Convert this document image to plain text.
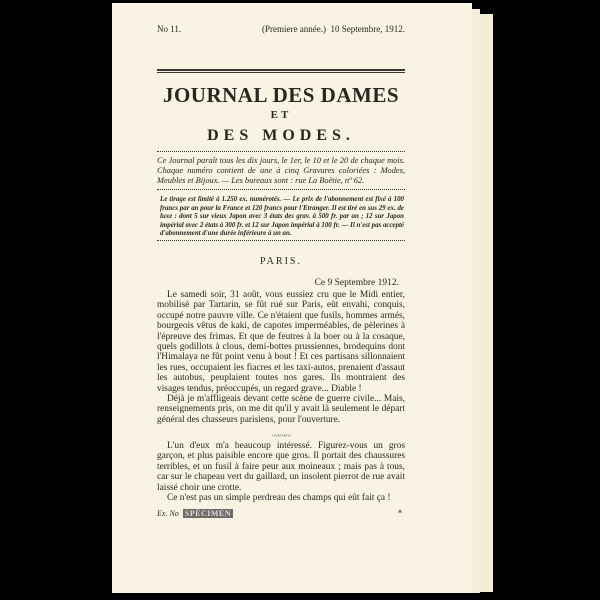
No 11.	(Premiere année.) 10 Septembre, 1912.
JOURNAL DES DAMES
ET
DES MODES.
Ce Journal paraît tous les dix jours, le 1er, le 10 et le 20 de chaque mois. Chaque numéro contient de une à cinq Gravures coloriées : Modes, Meubles et Bijoux. — Les bureaux sont : rue La Boëtie, nº 62.
Le tirage est limité à 1.250 ex. numérotés. — Le prix de l'abonnement est fixé à 100 francs par an pour la France et 120 francs pour l'Etranger. Il est tiré en sus 29 ex. de luxe : dont 5 sur vieux Japon avec 3 états des grav. à 500 fr. par an ; 12 sur Japon impérial avec 2 états à 300 fr. et 12 sur Japon impérial à 100 fr. — Il n'est pas accepté d'abonnement d'une durée inférieure à un an.
PARIS.
Ce 9 Septembre 1912.

Le samedi soir, 31 août, vous eussiez cru que le Midi entier, mobilisé par Tartarin, se fût rué sur Paris, eût envahi, conquis, occupé notre pauvre ville. Ce n'étaient que fusils, hommes armés, bourgeois vêtus de kaki, de capotes imperméables, de pèlerines à l'épreuve des frimas. Et que de feutres à la boer ou à la cosaque, quels godillots à clous, demi-bottes prussiennes, brodequins dont l'Himalaya ne fût point venu à bout ! Et ces partisans sillonnaient les rues, occupaient les fiacres et les taxi-autos, prenaient d'assaut les autobus, peuplaient toutes nos gares. Ils montraient des visages tendus, préoccupés, un regard grave... Diable !

Déjà je m'affligeais devant cette scène de guerre civile... Mais, renseignements pris, on me dit qu'il y avait là seulement le départ général des chasseurs parisiens, pour l'ouverture.

〰〰〰

L'un d'eux m'a beaucoup intéressé. Figurez-vous un gros garçon, et plus paisible encore que gros. Il portait des chaussures terribles, et un fusil à faire peur aux moineaux ; mais pas à tous, car sur le chapeau vert du gaillard, un insolent pierrot de rue avait laissé choir une crotte.

Ce n'est pas un simple perdreau des champs qui eût fait ça !

Ex. No SPÉCIMEN	*
